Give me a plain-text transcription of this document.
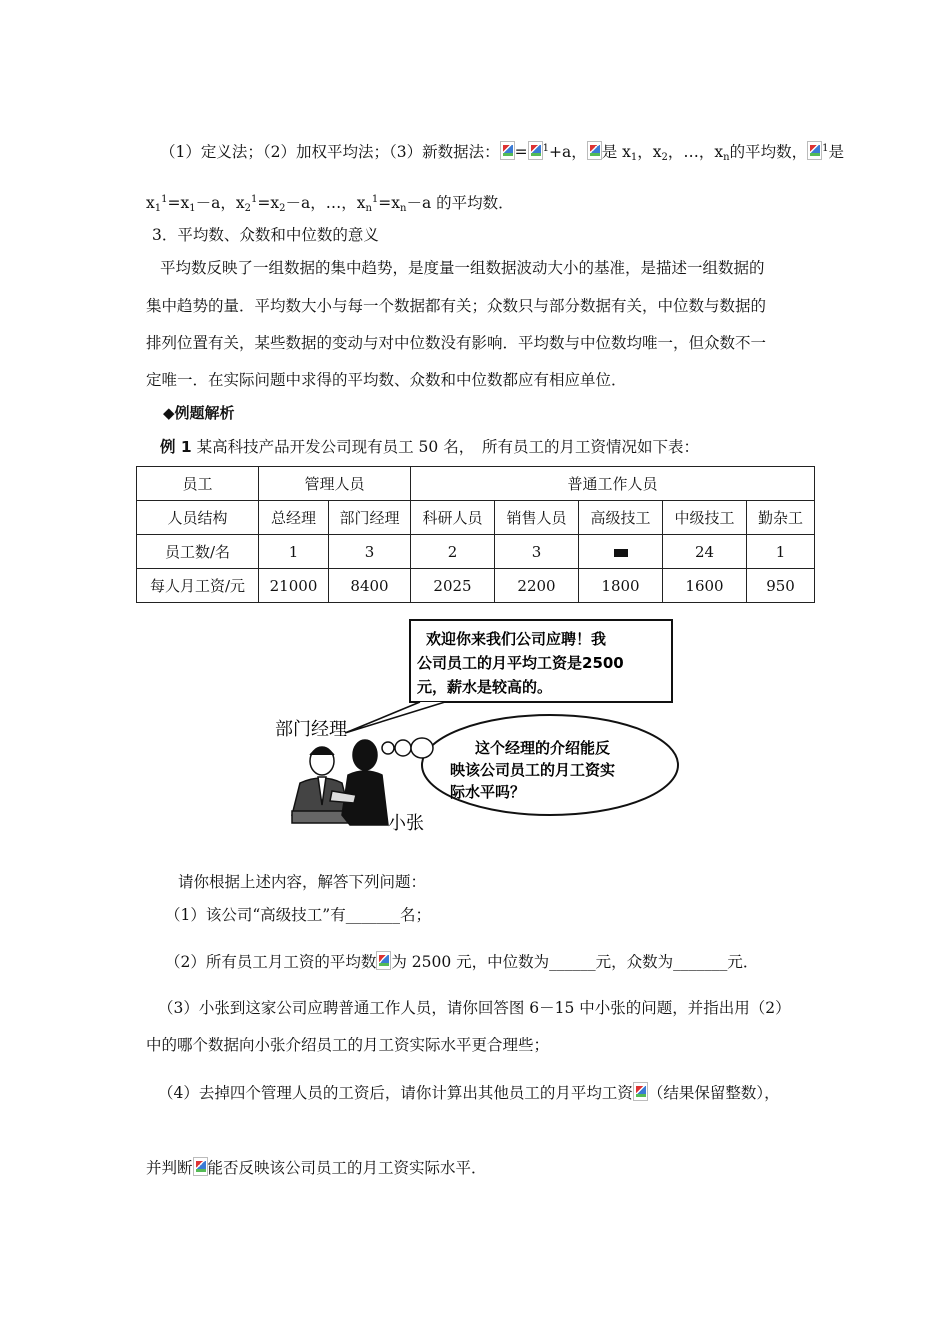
（1）定义法；（2）加权平均法；（3）新数据法： = $^1$+a， 是 $x_1$，$x_2$，…，$x_n$的平均数， $^1$是
$x_1^1=x_1-a$，$x_2^1=x_2-a$，…，$x_n^1=x_n-a$ 的平均数．
3．平均数、众数和中位数的意义
平均数反映了一组数据的集中趋势，是度量一组数据波动大小的基准，是描述一组数据的
集中趋势的量．平均数大小与每一个数据都有关；众数只与部分数据有关，中位数与数据的
排列位置有关，某些数据的变动与对中位数没有影响．平均数与中位数均唯一，但众数不一
定唯一．在实际问题中求得的平均数、众数和中位数都应有相应单位．
◆例题解析
例 1 某高科技产品开发公司现有员工 50 名，　所有员工的月工资情况如下表：
员工	管理人员		普通工作人员				
人员结构	总经理	部门经理	科研人员	销售人员	高级技工	中级技工	勤杂工
员工数/名	1	3	2	3		24	1
每人月工资/元	21000	8400	2025	2200	1800	1600	950
欢迎你来我们公司应聘！我
公司员工的月平均工资是2500
元，薪水是较高的。
这个经理的介绍能反
映该公司员工的月工资实
际水平吗？
部门经理
小张
请你根据上述内容，解答下列问题：
（1）该公司“高级技工”有_______名；
（2）所有员工月工资的平均数 为 2500 元，中位数为______元，众数为_______元．
（3）小张到这家公司应聘普通工作人员，请你回答图 6－15 中小张的问题，并指出用（2）
中的哪个数据向小张介绍员工的月工资实际水平更合理些；
（4）去掉四个管理人员的工资后，请你计算出其他员工的月平均工资 （结果保留整数），
并判断 能否反映该公司员工的月工资实际水平．
